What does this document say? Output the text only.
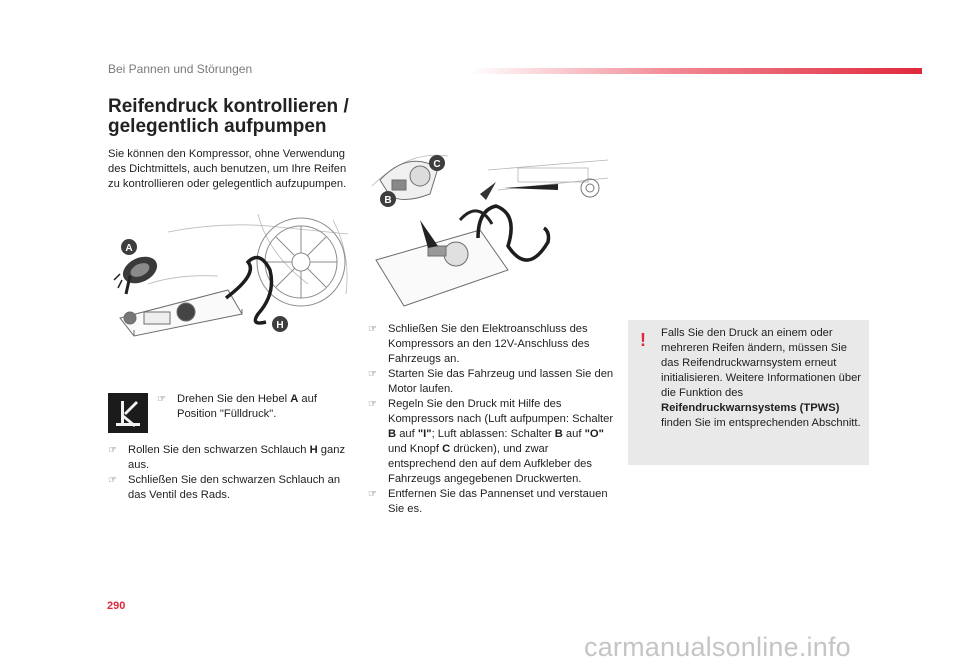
Bei Pannen und Störungen
Reifendruck kontrollieren / gelegentlich aufpumpen
Sie können den Kompressor, ohne Verwendung des Dichtmittels, auch benutzen, um Ihre Reifen zu kontrollieren oder gelegentlich aufzupumpen.
A
H
C
B

☞ Drehen Sie den Hebel A auf Position "Fülldruck".

☞ Rollen Sie den schwarzen Schlauch H ganz aus.

☞ Schließen Sie den schwarzen Schlauch an das Ventil des Rads.

☞ Schließen Sie den Elektroanschluss des Kompressors an den 12V-Anschluss des Fahrzeugs an.

☞ Starten Sie das Fahrzeug und lassen Sie den Motor laufen.

☞ Regeln Sie den Druck mit Hilfe des Kompressors nach (Luft aufpumpen: Schalter B auf "I"; Luft ablassen: Schalter B auf "O" und Knopf C drücken), und zwar entsprechend den auf dem Aufkleber des Fahrzeugs angegebenen Druckwerten.

☞ Entfernen Sie das Pannenset und verstauen Sie es.

! Falls Sie den Druck an einem oder mehreren Reifen ändern, müssen Sie das Reifendruckwarnsystem erneut initialisieren. Weitere Informationen über die Funktion des Reifendruckwarnsystems (TPWS) finden Sie im entsprechenden Abschnitt.
290
carmanualsonline.info
